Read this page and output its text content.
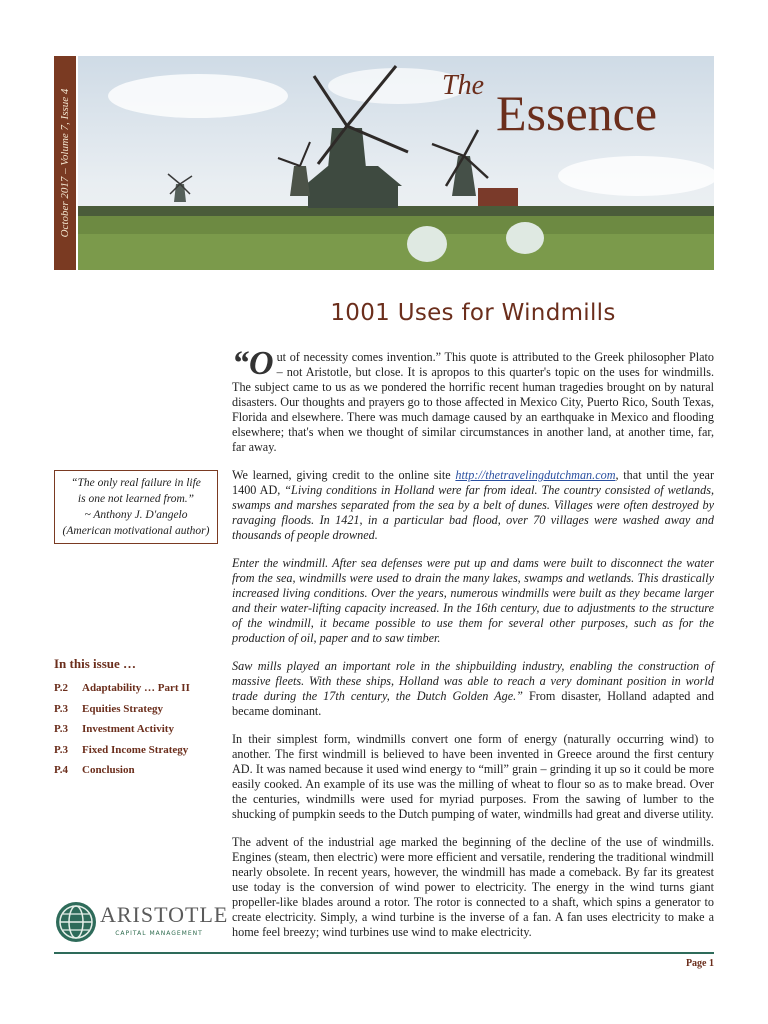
October 2017 – Volume 7, Issue 4
The Essence
1001 Uses for Windmills

“Out of necessity comes invention.” This quote is attributed to the Greek philosopher Plato – not Aristotle, but close. It is apropos to this quarter's topic on the uses for windmills. The subject came to us as we pondered the horrific recent human tragedies brought on by natural disasters. Our thoughts and prayers go to those affected in Mexico City, Puerto Rico, South Texas, Florida and elsewhere. There was much damage caused by an earthquake in Mexico and flooding elsewhere; that's when we thought of similar circumstances in another land, at another time, far, far away.

We learned, giving credit to the online site http://thetravelingdutchman.com, that until the year 1400 AD, “Living conditions in Holland were far from ideal. The country consisted of wetlands, swamps and marshes separated from the sea by a belt of dunes. Villages were often destroyed by ravaging floods. In 1421, in a particular bad flood, over 70 villages were washed away and thousands of people drowned.

Enter the windmill. After sea defenses were put up and dams were built to disconnect the water from the sea, windmills were used to drain the many lakes, swamps and wetlands. This drastically increased living conditions. Over the years, numerous windmills were built as they became larger and their water-lifting capacity increased. In the 16th century, due to adjustments to the structure of the windmill, it became possible to use them for several other purposes, such as for the production of oil, paper and to saw timber.

Saw mills played an important role in the shipbuilding industry, enabling the construction of massive fleets. With these ships, Holland was able to reach a very dominant position in world trade during the 17th century, the Dutch Golden Age.” From disaster, Holland adapted and became dominant.

In their simplest form, windmills convert one form of energy (naturally occurring wind) to another. The first windmill is believed to have been invented in Greece around the first century AD. It was named because it used wind energy to “mill” grain – grinding it up so it could be more easily cooked. An example of its use was the milling of wheat to flour so as to make bread. Over the centuries, windmills were used for myriad purposes. From the sawing of lumber to the shucking of pumpkin seeds to the Dutch pumping of water, windmills had great and diverse utility.

The advent of the industrial age marked the beginning of the decline of the use of windmills. Engines (steam, then electric) were more efficient and versatile, rendering the traditional windmill nearly obsolete. In recent years, however, the windmill has made a comeback. By far its greatest use today is the conversion of wind power to electricity. The energy in the wind turns giant propeller-like blades around a rotor. The rotor is connected to a shaft, which spins a generator to create electricity. Simply, a wind turbine is the inverse of a fan. A fan uses electricity to make a home feel breezy; wind turbines use wind to make electricity.

“The only real failure in life
is one not learned from.”
~ Anthony J. D'angelo
(American motivational author)
In this issue …
P.2 Adaptability … Part II
P.3 Equities Strategy
P.3 Investment Activity
P.3 Fixed Income Strategy
P.4 Conclusion
ARISTOTLE
CAPITAL MANAGEMENT
Page 1
